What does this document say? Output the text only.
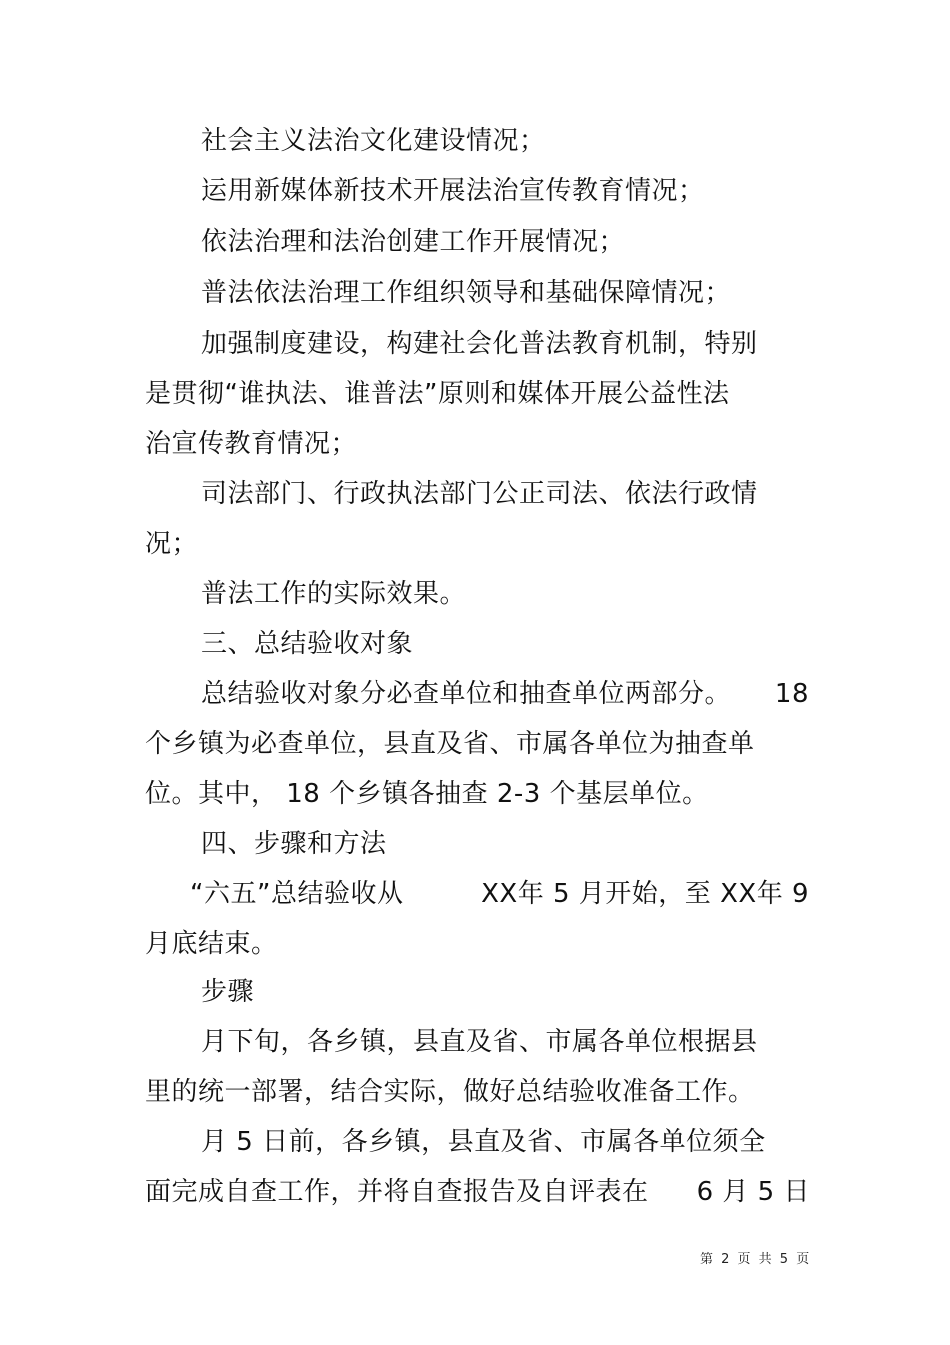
社会主义法治文化建设情况；
运用新媒体新技术开展法治宣传教育情况；
依法治理和法治创建工作开展情况；
普法依法治理工作组织领导和基础保障情况；
加强制度建设，构建社会化普法教育机制，特别
是贯彻“谁执法、谁普法”原则和媒体开展公益性法
治宣传教育情况；
司法部门、行政执法部门公正司法、依法行政情
况；
普法工作的实际效果。
三、总结验收对象
总结验收对象分必查单位和抽查单位两部分。 18
个乡镇为必查单位，县直及省、市属各单位为抽查单
位。其中， 18 个乡镇各抽查 2-3 个基层单位。
四、步骤和方法
“六五”总结验收从	XX年 5 月开始，至 XX年 9
月底结束。
步骤
月下旬，各乡镇，县直及省、市属各单位根据县
里的统一部署，结合实际，做好总结验收准备工作。
月 5 日前，各乡镇，县直及省、市属各单位须全
面完成自查工作，并将自查报告及自评表在 6 月 5 日
第 2 页 共 5 页
